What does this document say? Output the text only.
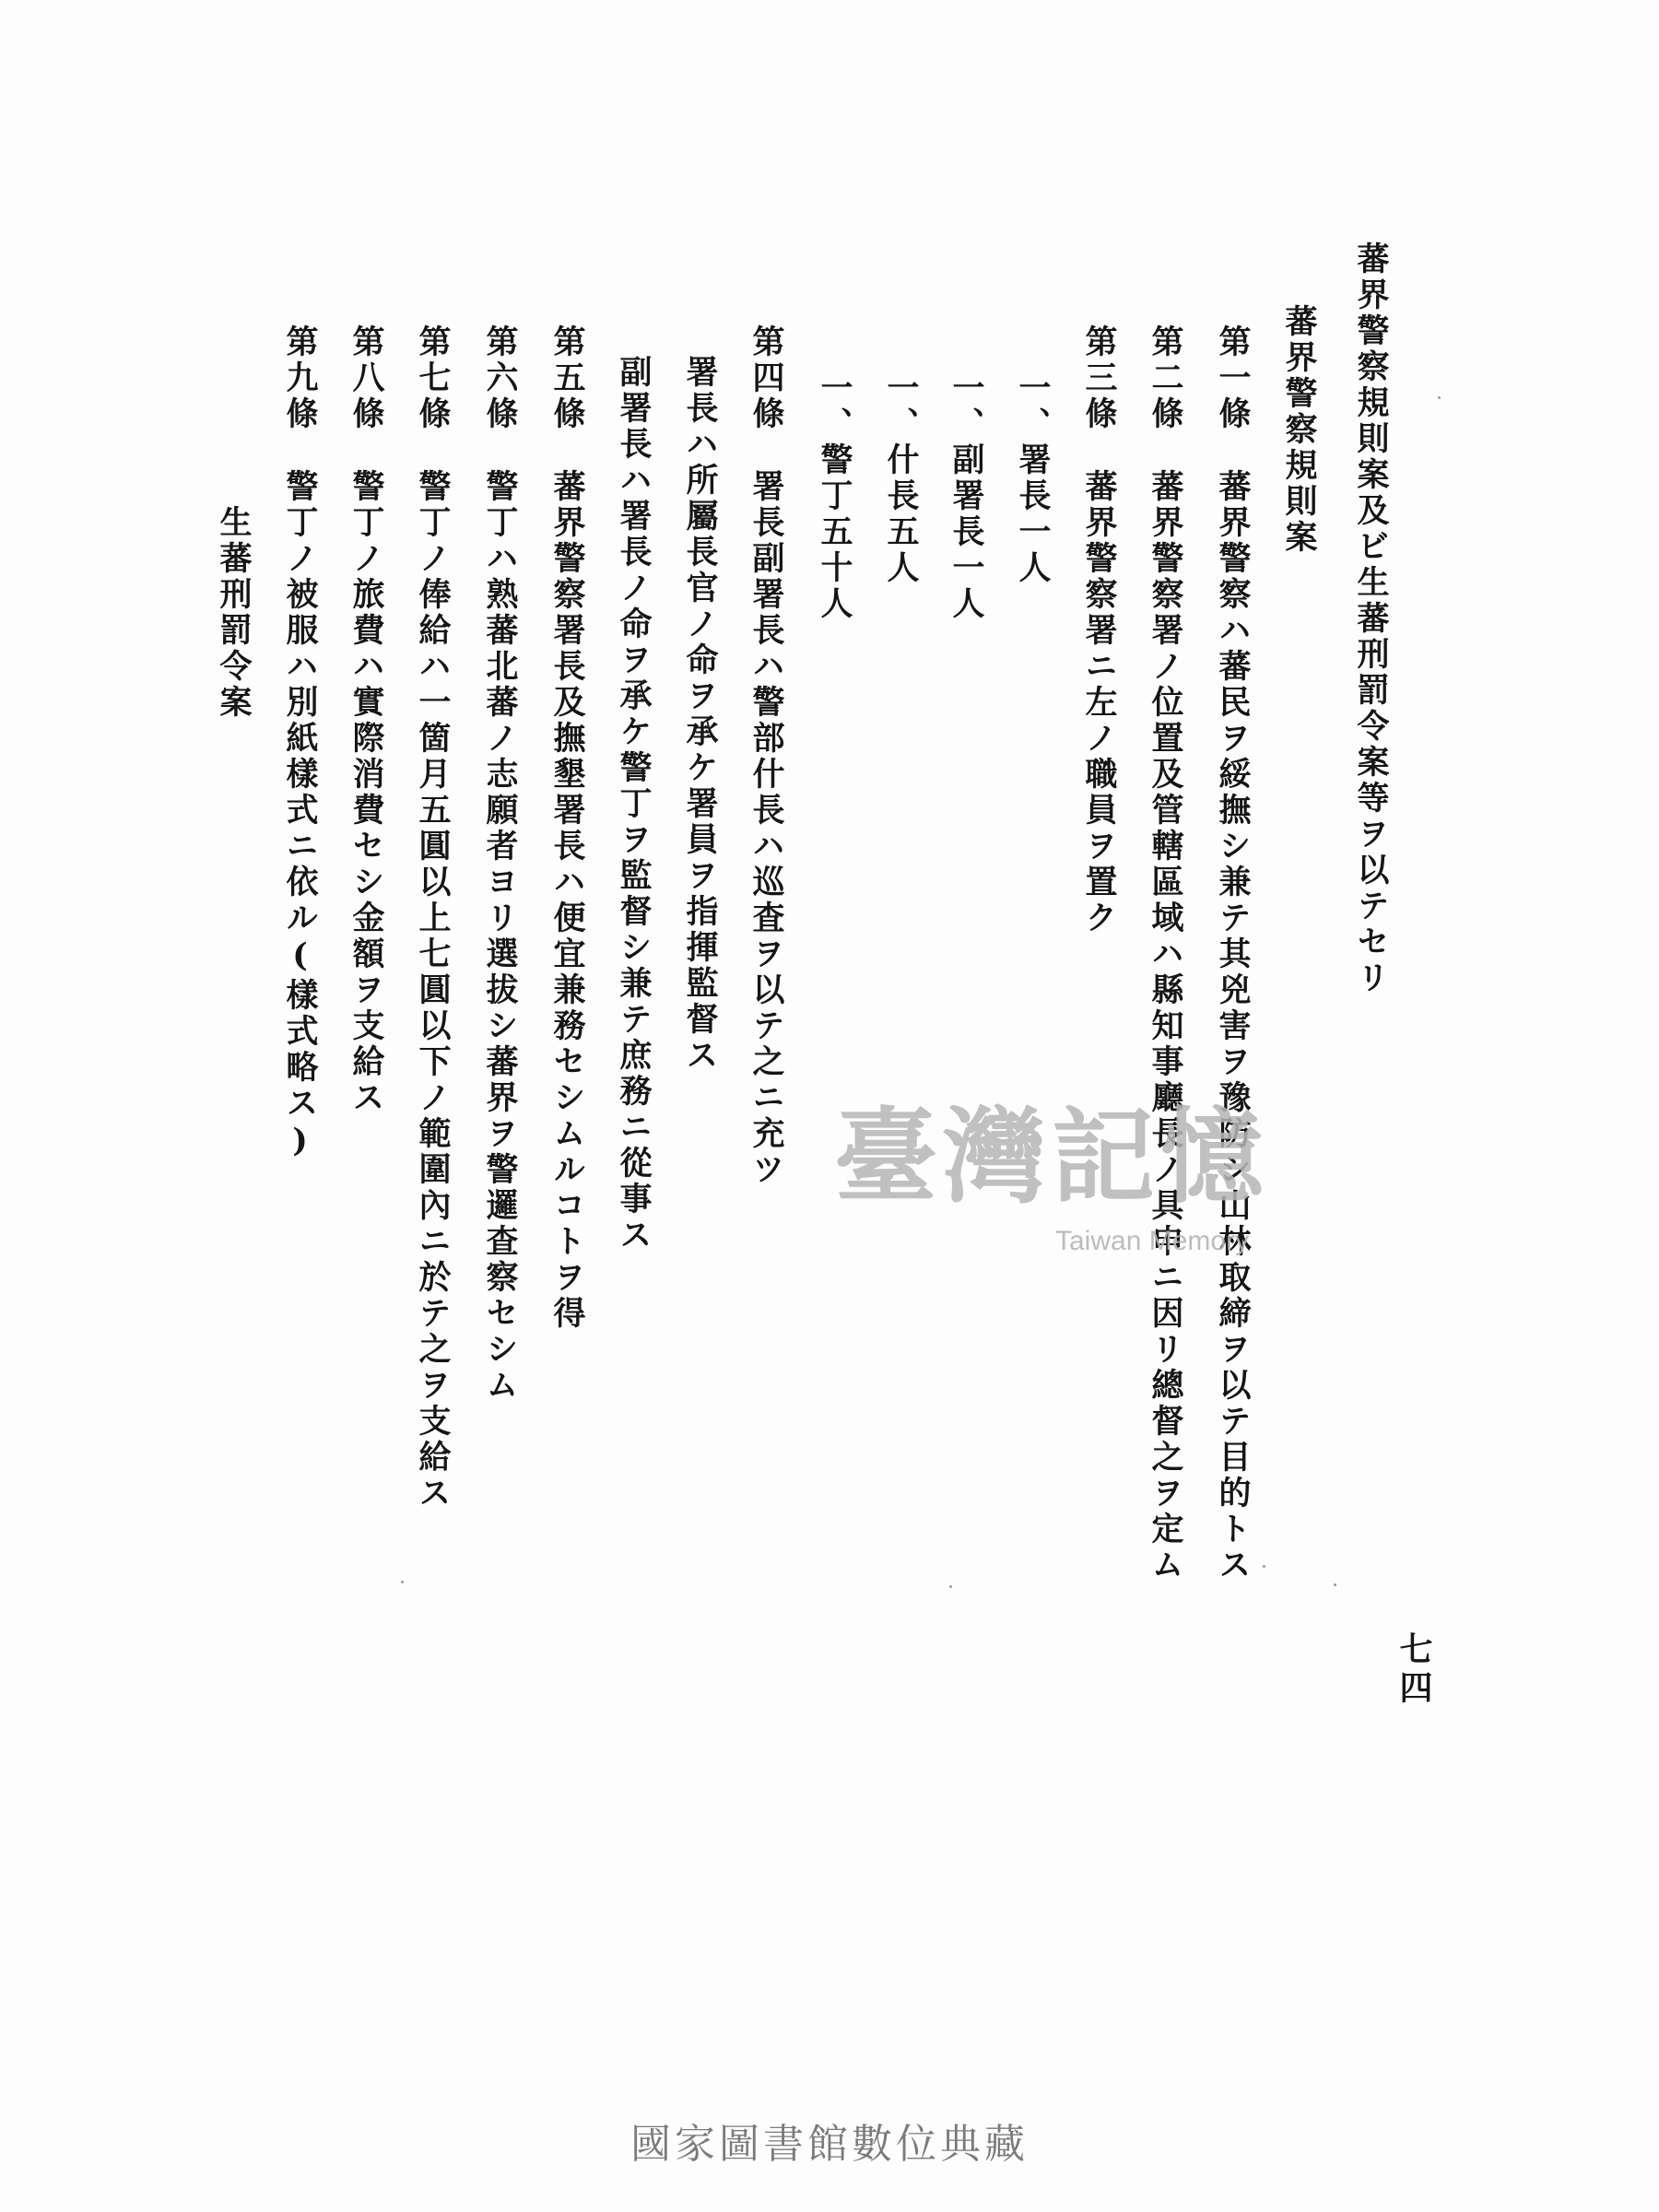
蕃界警察規則案及ビ生蕃刑罰令案等ヲ以テセリ
蕃界警察規則案
第一條蕃界警察ハ蕃民ヲ綏撫シ兼テ其兇害ヲ豫防シ山林取締ヲ以テ目的トス
第二條蕃界警察署ノ位置及管轄區域ハ縣知事廳長ノ具申ニ因リ總督之ヲ定ム
第三條蕃界警察署ニ左ノ職員ヲ置ク
一、署長一人
一、副署長一人
一、什長五人
一、警丁五十人
第四條署長副署長ハ警部什長ハ巡査ヲ以テ之ニ充ツ
署長ハ所屬長官ノ命ヲ承ケ署員ヲ指揮監督ス
副署長ハ署長ノ命ヲ承ケ警丁ヲ監督シ兼テ庶務ニ從事ス
第五條蕃界警察署長及撫墾署長ハ便宜兼務セシムルコトヲ得
第六條警丁ハ熟蕃北蕃ノ志願者ヨリ選拔シ蕃界ヲ警邏查察セシム
第七條警丁ノ俸給ハ一箇月五圓以上七圓以下ノ範圍內ニ於テ之ヲ支給ス
第八條警丁ノ旅費ハ實際消費セシ金額ヲ支給ス
第九條警丁ノ被服ハ別紙樣式ニ依ル(樣式略ス)
生蕃刑罰令案
七四
臺灣記憶
Taiwan Memory
國家圖書館數位典藏
